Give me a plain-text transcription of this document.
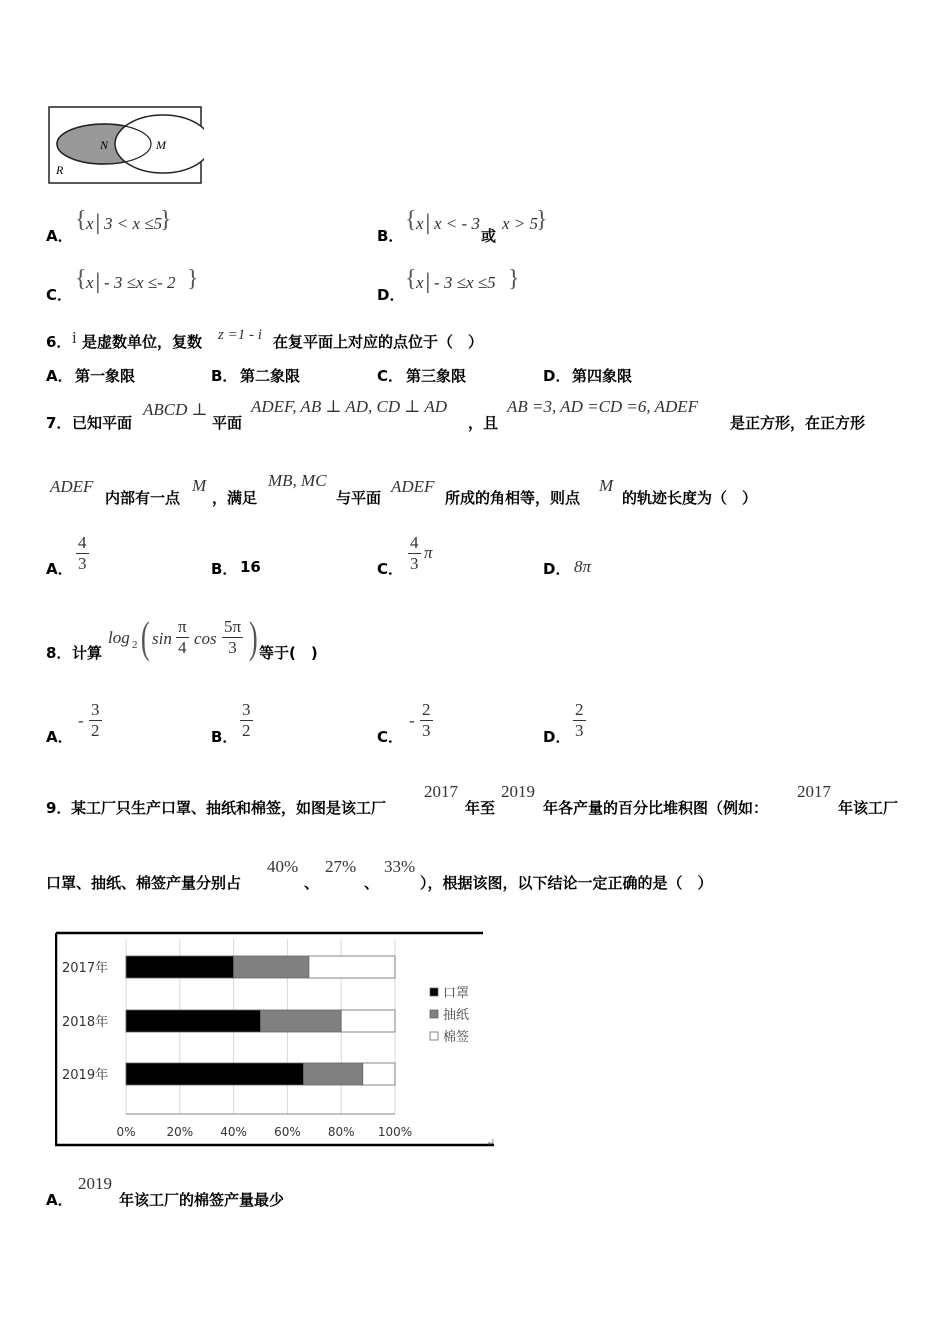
N	M
R
A．
{ x│3 < x ≤5
}
B．
{ x│x < - 3
或
x > 5
}
C．
{ x│- 3 ≤x ≤- 2 }
D．
{ x│- 3 ≤x ≤5 }
6． i 是虚数单位，复数 z =1 - i 在复平面上对应的点位于（　）
A． 第一象限	B． 第二象限	C． 第三象限	D． 第四象限
7． 已知平面
ABCD ⊥
平面
ADEF, AB ⊥ AD, CD ⊥ AD
，且
AB =3, AD =CD =6, ADEF
是正方形，在正方形
ADEF
内部有一点
M
，满足
MB, MC
与平面
ADEF
所成的角相等，则点
M
的轨迹长度为（　）
A． $\frac{4}{3}$	B． 16	C． $\frac{4}{3}$ π
D． 8π
8． 计算
log 2 ( $\sin \frac{\pi}{4}$ $\cos \frac{5\pi}{3}$ ) 等于(　)
A．
- $\frac{3}{2}$	B． $\frac{3}{2}$	C．
- $\frac{2}{3}$	D． $\frac{2}{3}$
9． 某工厂只生产口罩、抽纸和棉签，如图是该工厂
2017
年至
2019
年各产量的百分比堆积图（例如：
2017
年该工厂
口罩、抽纸、棉签产量分别占
40%
、
27%
、
33%
），根据该图，以下结论一定正确的是（　）
0%	20% 40% 60% 80% 100%
2017年
2018年
2019年
口罩
抽纸
棉签
↵
A．
2019
年该工厂的棉签产量最少
